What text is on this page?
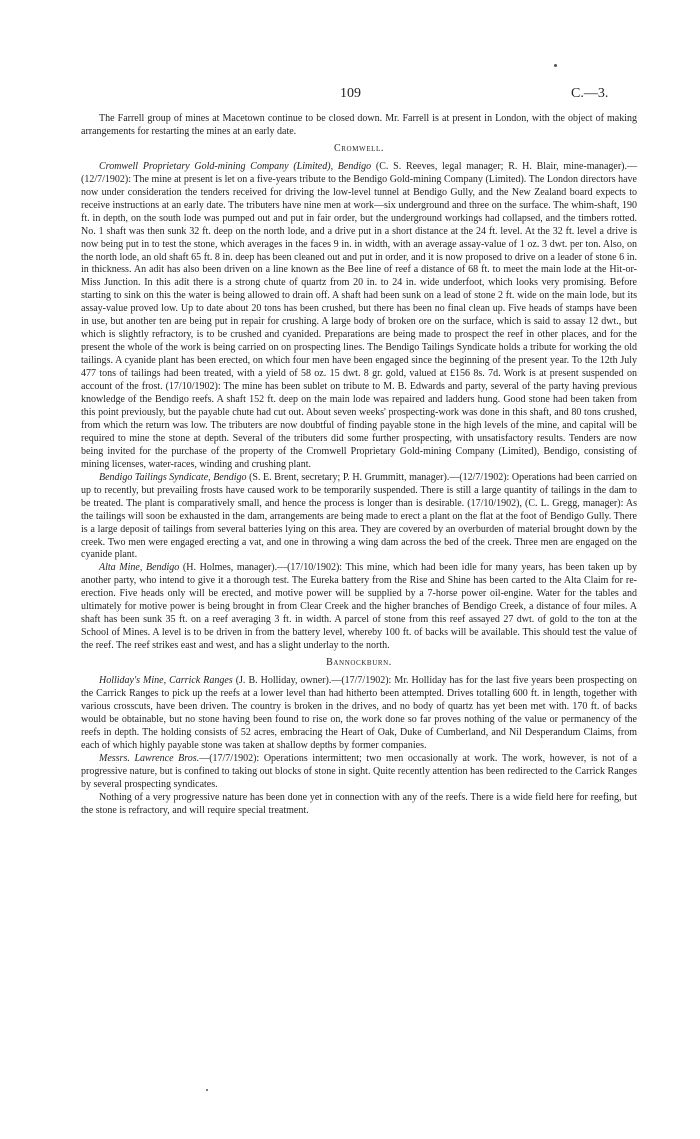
109	C.—3.

The Farrell group of mines at Macetown continue to be closed down. Mr. Farrell is at present in London, with the object of making arrangements for restarting the mines at an early date.

Cromwell.

Cromwell Proprietary Gold-mining Company (Limited), Bendigo (C. S. Reeves, legal manager; R. H. Blair, mine-manager).—(12/7/1902): The mine at present is let on a five-years tribute to the Bendigo Gold-mining Company (Limited). The London directors have now under consideration the tenders received for driving the low-level tunnel at Bendigo Gully, and the New Zealand board expects to receive instructions at an early date. The tributers have nine men at work—six underground and three on the surface. The whim-shaft, 190 ft. in depth, on the south lode was pumped out and put in fair order, but the underground workings had collapsed, and the timbers rotted. No. 1 shaft was then sunk 32 ft. deep on the north lode, and a drive put in a short distance at the 24 ft. level. At the 32 ft. level a drive is now being put in to test the stone, which averages in the faces 9 in. in width, with an average assay-value of 1 oz. 3 dwt. per ton. Also, on the north lode, an old shaft 65 ft. 8 in. deep has been cleaned out and put in order, and it is now proposed to drive on a leader of stone 6 in. in thickness. An adit has also been driven on a line known as the Bee line of reef a distance of 68 ft. to meet the main lode at the Hit-or-Miss Junction. In this adit there is a strong chute of quartz from 20 in. to 24 in. wide underfoot, which looks very promising. Before starting to sink on this the water is being allowed to drain off. A shaft had been sunk on a lead of stone 2 ft. wide on the main lode, but its assay-value proved low. Up to date about 20 tons has been crushed, but there has been no final clean up. Five heads of stamps have been in use, but another ten are being put in repair for crushing. A large body of broken ore on the surface, which is said to assay 12 dwt., but which is slightly refractory, is to be crushed and cyanided. Preparations are being made to prospect the reef in other places, and for the present the whole of the work is being carried on on prospecting lines. The Bendigo Tailings Syndicate holds a tribute for working the old tailings. A cyanide plant has been erected, on which four men have been engaged since the beginning of the present year. To the 12th July 477 tons of tailings had been treated, with a yield of 58 oz. 15 dwt. 8 gr. gold, valued at £156 8s. 7d. Work is at present suspended on account of the frost. (17/10/1902): The mine has been sublet on tribute to M. B. Edwards and party, several of the party having previous knowledge of the Bendigo reefs. A shaft 152 ft. deep on the main lode was repaired and ladders hung. Good stone had been taken from this point previously, but the payable chute had cut out. About seven weeks' prospecting-work was done in this shaft, and 80 tons crushed, from which the return was low. The tributers are now doubtful of finding payable stone in the high levels of the mine, and capital will be required to mine the stone at depth. Several of the tributers did some further prospecting, with unsatisfactory results. Tenders are now being invited for the purchase of the property of the Cromwell Proprietary Gold-mining Company (Limited), Bendigo, consisting of mining licenses, water-races, winding and crushing plant.

Bendigo Tailings Syndicate, Bendigo (S. E. Brent, secretary; P. H. Grummitt, manager).—(12/7/1902): Operations had been carried on up to recently, but prevailing frosts have caused work to be temporarily suspended. There is still a large quantity of tailings in the dam to be treated. The plant is comparatively small, and hence the process is longer than is desirable. (17/10/1902), (C. L. Gregg, manager): As the tailings will soon be exhausted in the dam, arrangements are being made to erect a plant on the flat at the foot of Bendigo Gully. There is a large deposit of tailings from several batteries lying on this area. They are covered by an overburden of material brought down by the creek. Two men were engaged erecting a vat, and one in throwing a wing dam across the bed of the creek. Three men are engaged on the cyanide plant.

Alta Mine, Bendigo (H. Holmes, manager).—(17/10/1902): This mine, which had been idle for many years, has been taken up by another party, who intend to give it a thorough test. The Eureka battery from the Rise and Shine has been carted to the Alta Claim for re-erection. Five heads only will be erected, and motive power will be supplied by a 7-horse power oil-engine. Water for the tables and ultimately for motive power is being brought in from Clear Creek and the higher branches of Bendigo Creek, a distance of four miles. A shaft has been sunk 35 ft. on a reef averaging 3 ft. in width. A parcel of stone from this reef assayed 27 dwt. of gold to the ton at the School of Mines. A level is to be driven in from the battery level, whereby 100 ft. of backs will be available. This should test the value of the reef. The reef strikes east and west, and has a slight underlay to the north.

Bannockburn.

Holliday's Mine, Carrick Ranges (J. B. Holliday, owner).—(17/7/1902): Mr. Holliday has for the last five years been prospecting on the Carrick Ranges to pick up the reefs at a lower level than had hitherto been attempted. Drives totalling 600 ft. in length, together with various crosscuts, have been driven. The country is broken in the drives, and no body of quartz has yet been met with. 170 ft. of backs would be obtainable, but no stone having been found to rise on, the work done so far proves nothing of the value or permanency of the reefs in depth. The holding consists of 52 acres, embracing the Heart of Oak, Duke of Cumberland, and Nil Desperandum Claims, from each of which highly payable stone was taken at shallow depths by former companies.

Messrs. Lawrence Bros.—(17/7/1902): Operations intermittent; two men occasionally at work. The work, however, is not of a progressive nature, but is confined to taking out blocks of stone in sight. Quite recently attention has been redirected to the Carrick Ranges by several prospecting syndicates.

Nothing of a very progressive nature has been done yet in connection with any of the reefs. There is a wide field here for reefing, but the stone is refractory, and will require special treatment.
